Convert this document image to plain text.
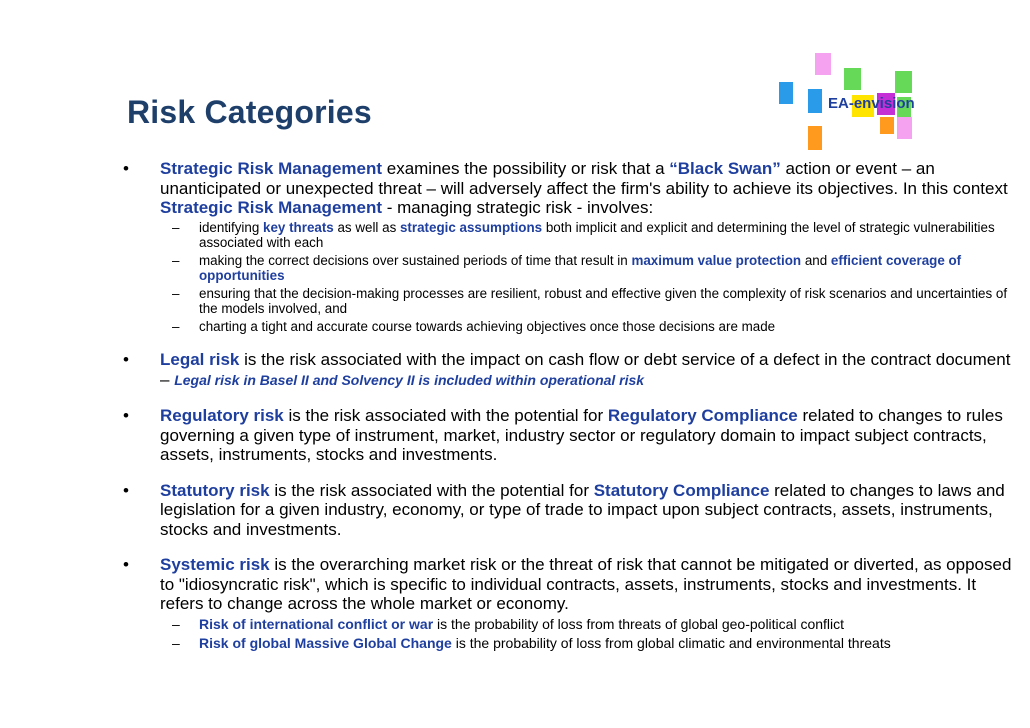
EA-envision
Risk Categories
• Strategic Risk Management examines the possibility or risk that a “Black Swan” action or event – an unanticipated or unexpected threat – will adversely affect the firm's ability to achieve its objectives. In this context Strategic Risk Management - managing strategic risk - involves:
– identifying key threats as well as strategic assumptions both implicit and explicit and determining the level of strategic vulnerabilities associated with each
– making the correct decisions over sustained periods of time that result in maximum value protection and efficient coverage of opportunities
– ensuring that the decision-making processes are resilient, robust and effective given the complexity of risk scenarios and uncertainties of the models involved, and
– charting a tight and accurate course towards achieving objectives once those decisions are made
• Legal risk is the risk associated with the impact on cash flow or debt service of a defect in the contract document – Legal risk in Basel II and Solvency II is included within operational risk
• Regulatory risk is the risk associated with the potential for Regulatory Compliance related to changes to rules governing a given type of instrument, market, industry sector or regulatory domain to impact subject contracts, assets, instruments, stocks and investments.
• Statutory risk is the risk associated with the potential for Statutory Compliance related to changes to laws and legislation for a given industry, economy, or type of trade to impact upon subject contracts, assets, instruments, stocks and investments.
• Systemic risk is the overarching market risk or the threat of risk that cannot be mitigated or diverted, as opposed to "idiosyncratic risk", which is specific to individual contracts, assets, instruments, stocks and investments. It refers to change across the whole market or economy.
– Risk of international conflict or war is the probability of loss from threats of global geo-political conflict
– Risk of global Massive Global Change is the probability of loss from global climatic and environmental threats
